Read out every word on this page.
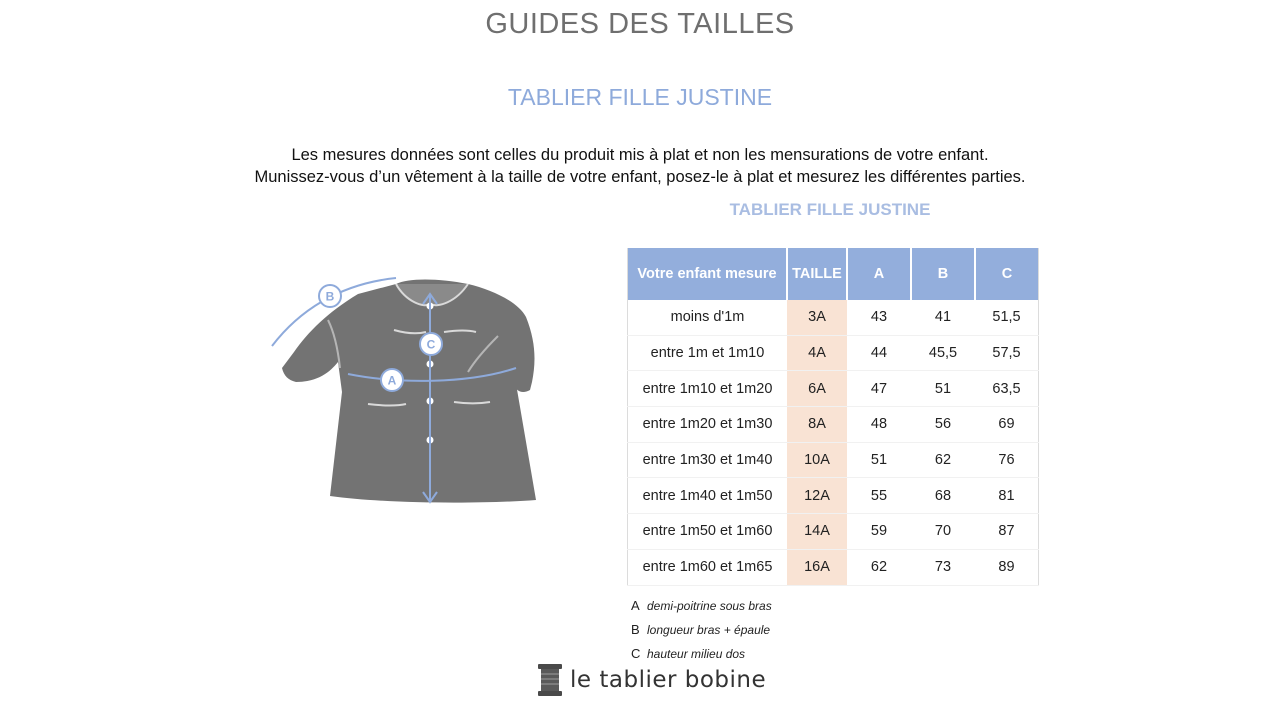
GUIDES DES TAILLES
TABLIER FILLE JUSTINE
Les mesures données sont celles du produit mis à plat et non les mensurations de votre enfant.
Munissez-vous d’un vêtement à la taille de votre enfant, posez-le à plat et mesurez les différentes parties.
B
C
A
TABLIER FILLE JUSTINE
Votre enfant mesure	TAILLE	A	B	C
moins d'1m	3A	43	41	51,5
entre 1m et 1m10	4A	44	45,5	57,5
entre 1m10 et 1m20	6A	47	51	63,5
entre 1m20 et 1m30	8A	48	56	69
entre 1m30 et 1m40	10A	51	62	76
entre 1m40 et 1m50	12A	55	68	81
entre 1m50 et 1m60	14A	59	70	87
entre 1m60 et 1m65	16A	62	73	89
A demi-poitrine sous bras
B longueur bras + épaule
C hauteur milieu dos
le tablier bobine
